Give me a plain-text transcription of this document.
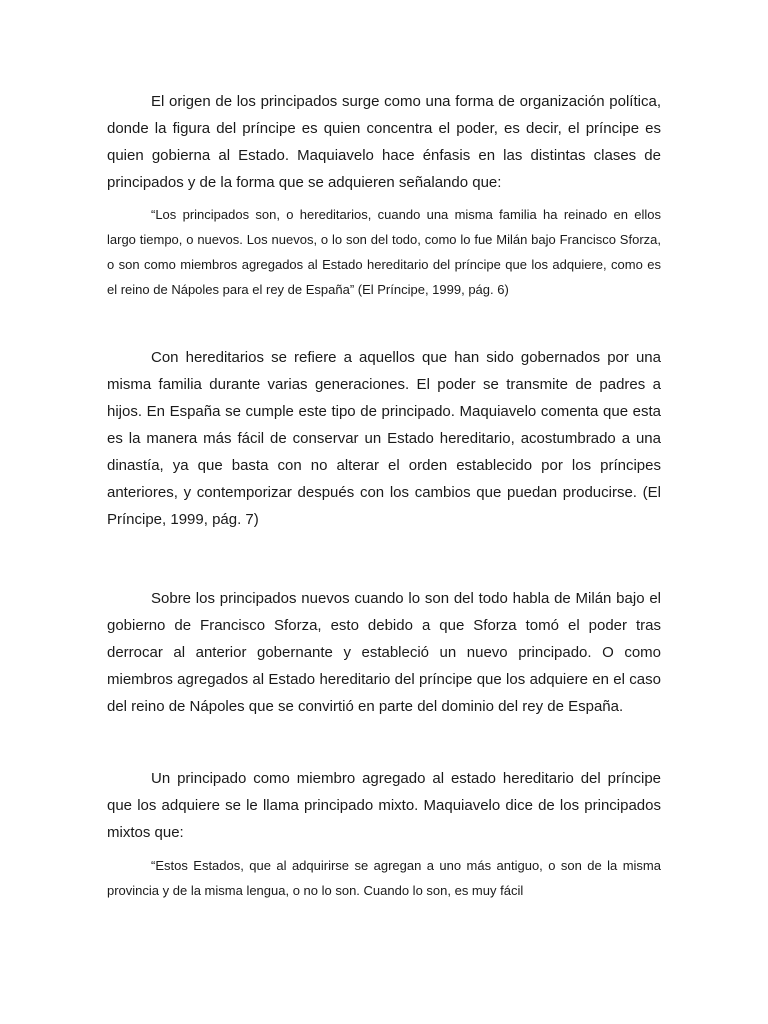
El origen de los principados surge como una forma de organización política, donde la figura del príncipe es quien concentra el poder, es decir, el príncipe es quien gobierna al Estado. Maquiavelo hace énfasis en las distintas clases de principados y de la forma que se adquieren señalando que:

“Los principados son, o hereditarios, cuando una misma familia ha reinado en ellos largo tiempo, o nuevos. Los nuevos, o lo son del todo, como lo fue Milán bajo Francisco Sforza, o son como miembros agregados al Estado hereditario del príncipe que los adquiere, como es el reino de Nápoles para el rey de España” (El Príncipe, 1999, pág. 6)

Con hereditarios se refiere a aquellos que han sido gobernados por una misma familia durante varias generaciones. El poder se transmite de padres a hijos. En España se cumple este tipo de principado. Maquiavelo comenta que esta es la manera más fácil de conservar un Estado hereditario, acostumbrado a una dinastía, ya que basta con no alterar el orden establecido por los príncipes anteriores, y contemporizar después con los cambios que puedan producirse. (El Príncipe, 1999, pág. 7)

Sobre los principados nuevos cuando lo son del todo habla de Milán bajo el gobierno de Francisco Sforza, esto debido a que Sforza tomó el poder tras derrocar al anterior gobernante y estableció un nuevo principado. O como miembros agregados al Estado hereditario del príncipe que los adquiere en el caso del reino de Nápoles que se convirtió en parte del dominio del rey de España.

Un principado como miembro agregado al estado hereditario del príncipe que los adquiere se le llama principado mixto. Maquiavelo dice de los principados mixtos que:

“Estos Estados, que al adquirirse se agregan a uno más antiguo, o son de la misma provincia y de la misma lengua, o no lo son. Cuando lo son, es muy fácil
